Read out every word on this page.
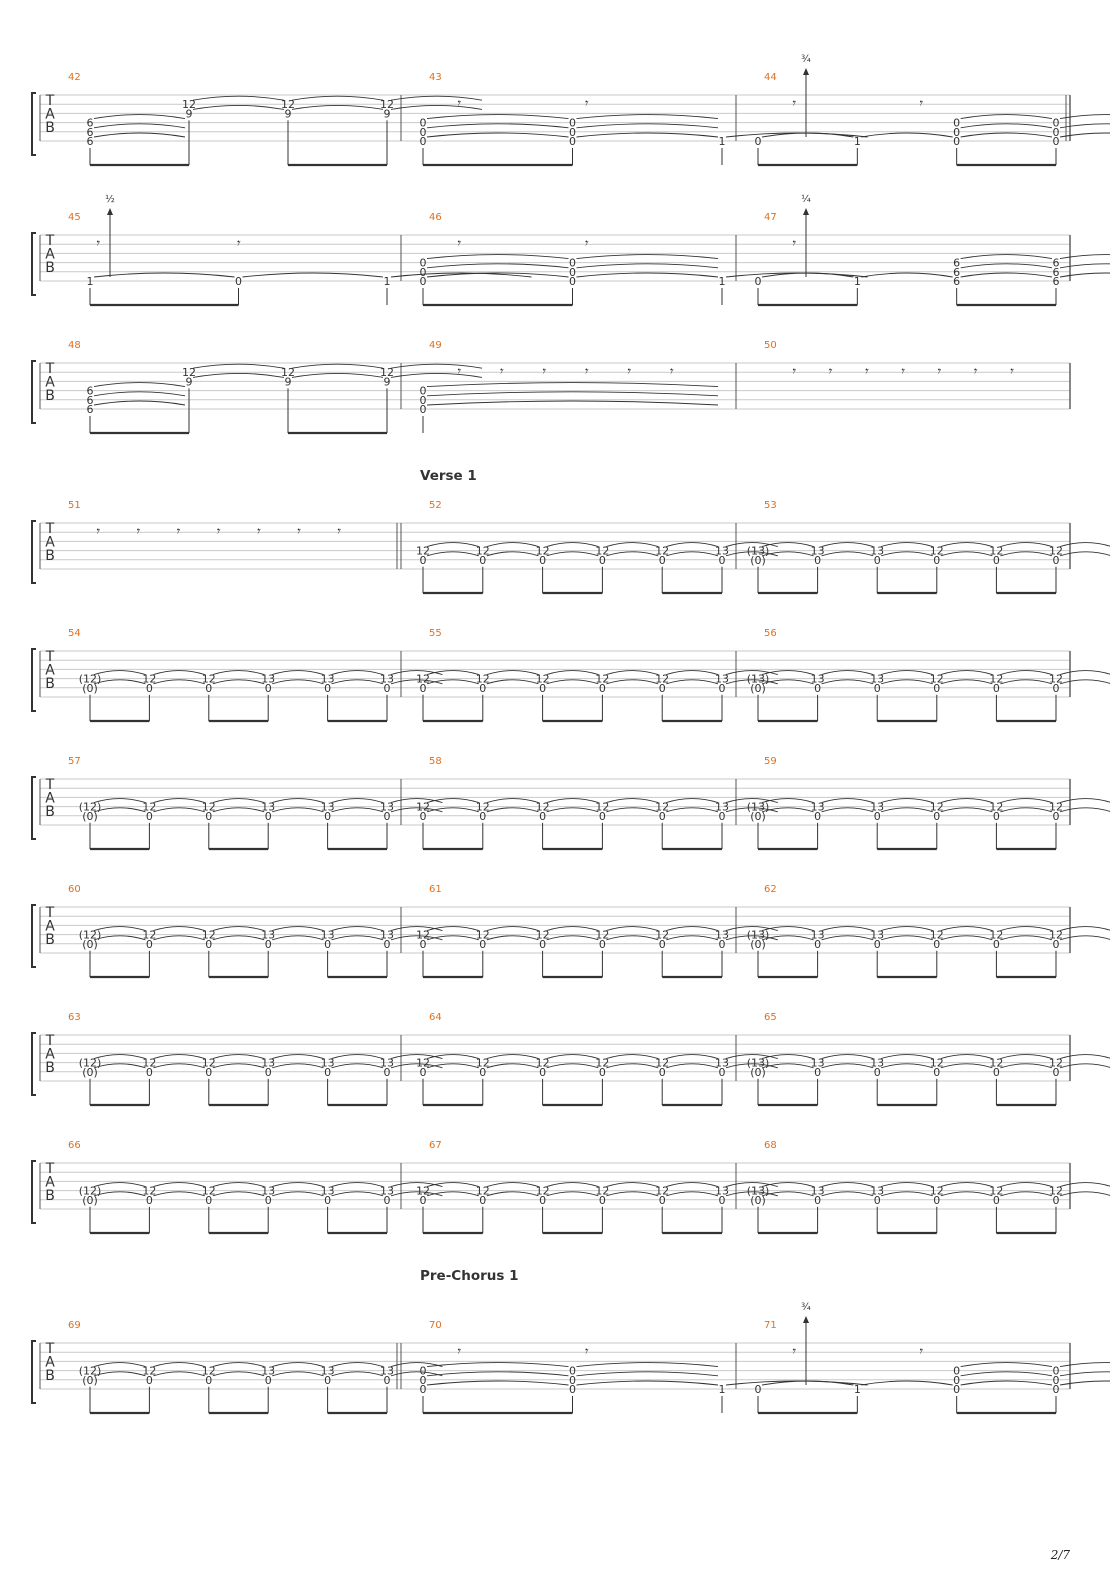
T
A
B
42
6
6
6
12
9
12
9
12
9
43
0
0
0
0
0
0	1
𝄾	𝄾
44
0	1
0
0
0
0
0
0
𝄾	𝄾
¾
T
A
B
45
1	0	1
𝄾	𝄾
½
46
0
0
0
0
0
0	1
𝄾	𝄾
47
0	1
6
6
6
6
6
6
𝄾
¼
T
A
B
48
6
6
6
12
9
12
9
12
9
49
0
0
0
𝄾	𝄾	𝄾	𝄾	𝄾	𝄾
50
𝄾 𝄾 𝄾 𝄾 𝄾 𝄾 𝄾
Verse 1
T
A
B
51
𝄾	𝄾	𝄾	𝄾	𝄾	𝄾	𝄾
52
12
0
12
0
12
0
12
0
12
0
13
0
53
(13)
(0)
13
0
13
0
12
0
12
0
12
0
T
A
B
54
(12)
(0)
12
0
12
0
13
0
13
0
13
0
55
12
0
12
0
12
0
12
0
12
0
13
0
56
(13)
(0)
13
0
13
0
12
0
12
0
12
0
T
A
B
57
(12)
(0)
12
0
12
0
13
0
13
0
13
0
58
12
0
12
0
12
0
12
0
12
0
13
0
59
(13)
(0)
13
0
13
0
12
0
12
0
12
0
T
A
B
60
(12)
(0)
12
0
12
0
13
0
13
0
13
0
61
12
0
12
0
12
0
12
0
12
0
13
0
62
(13)
(0)
13
0
13
0
12
0
12
0
12
0
T
A
B
63
(12)
(0)
12
0
12
0
13
0
13
0
13
0
64
12
0
12
0
12
0
12
0
12
0
13
0
65
(13)
(0)
13
0
13
0
12
0
12
0
12
0
T
A
B
66
(12)
(0)
12
0
12
0
13
0
13
0
13
0
67
12
0
12
0
12
0
12
0
12
0
13
0
68
(13)
(0)
13
0
13
0
12
0
12
0
12
0
Pre-Chorus 1
T
A
B
69
(12)
(0)
12
0
12
0
13
0
13
0
13
0
70
0
0
0
0
0
0	1
𝄾	𝄾
71
0	1
0
0
0
0
0
0
𝄾	𝄾
¾
2/7
